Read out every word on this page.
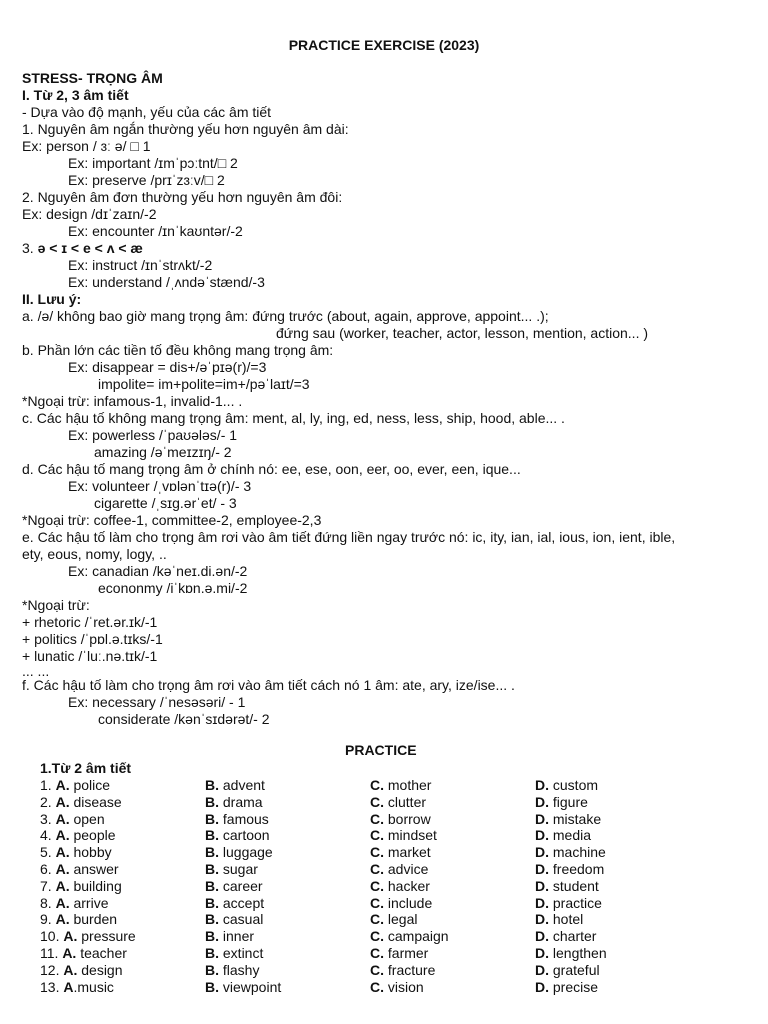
PRACTICE EXERCISE (2023)
STRESS- TRỌNG ÂM
I. Từ 2, 3 âm tiết
- Dựa vào độ mạnh, yếu của các âm tiết
1. Nguyên âm ngắn thường yếu hơn nguyên âm dài:
Ex: person / ɜː ə/ □ 1
Ex: important /ɪmˈpɔːtnt/□ 2
Ex: preserve /prɪˈzɜːv/□ 2
2. Nguyên âm đơn thường yếu hơn nguyên âm đôi:
Ex: design /dɪˈzaɪn/-2
Ex: encounter /ɪnˈkaʊntər/-2
3. ə < ɪ < e < ʌ < æ
Ex: instruct /ɪnˈstrʌkt/-2
Ex: understand /ˌʌndəˈstænd/-3
II. Lưu ý:
a. /ə/ không bao giờ mang trọng âm: đứng trước (about, again, approve, appoint... .);
đứng sau (worker, teacher, actor, lesson, mention, action... )
b. Phần lớn các tiền tố đều không mang trọng âm:
Ex: disappear = dis+/əˈpɪə(r)/=3
impolite= im+polite=im+/pəˈlaɪt/=3
*Ngoại trừ: infamous-1, invalid-1... .
c. Các hậu tố không mang trọng âm: ment, al, ly, ing, ed, ness, less, ship, hood, able... .
Ex: powerless /ˈpaʊələs/- 1
amazing /əˈmeɪzɪŋ/- 2
d. Các hậu tố mang trọng âm ở chính nó: ee, ese, oon, eer, oo, ever, een, ique...
Ex: volunteer /ˌvɒlənˈtɪə(r)/- 3
cigarette /ˌsɪg.ərˈet/ - 3
*Ngoại trừ: coffee-1, committee-2, employee-2,3
e. Các hậu tố làm cho trọng âm rơi vào âm tiết đứng liền ngay trước nó: ic, ity, ian, ial, ious, ion, ient, ible,
ety, eous, nomy, logy, ..
Ex: canadian /kəˈneɪ.di.ən/-2
econonmy /iˈkɒn.ə.mi/-2
*Ngoại trừ:
+ rhetoric /ˈret.ər.ɪk/-1
+ politics /ˈpɒl.ə.tɪks/-1
+ lunatic /ˈluː.nə.tɪk/-1
... ...
f. Các hậu tố làm cho trọng âm rơi vào âm tiết cách nó 1 âm: ate, ary, ize/ise... .
Ex: necessary /ˈnesəsəri/ - 1
considerate /kənˈsɪdərət/- 2
PRACTICE
1.Từ 2 âm tiết
1. A. police	B. advent	C. mother	D. custom
2. A. disease	B. drama	C. clutter	D. figure
3. A. open	B. famous	C. borrow	D. mistake
4. A. people	B. cartoon	C. mindset	D. media
5. A. hobby	B. luggage	C. market	D. machine
6. A. answer	B. sugar	C. advice	D. freedom
7. A. building	B. career	C. hacker	D. student
8. A. arrive	B. accept	C. include	D. practice
9. A. burden	B. casual	C. legal	D. hotel
10. A. pressure	B. inner	C. campaign	D. charter
11. A. teacher	B. extinct	C. farmer	D. lengthen
12. A. design	B. flashy	C. fracture	D. grateful
13. A.music	B. viewpoint	C. vision	D. precise
